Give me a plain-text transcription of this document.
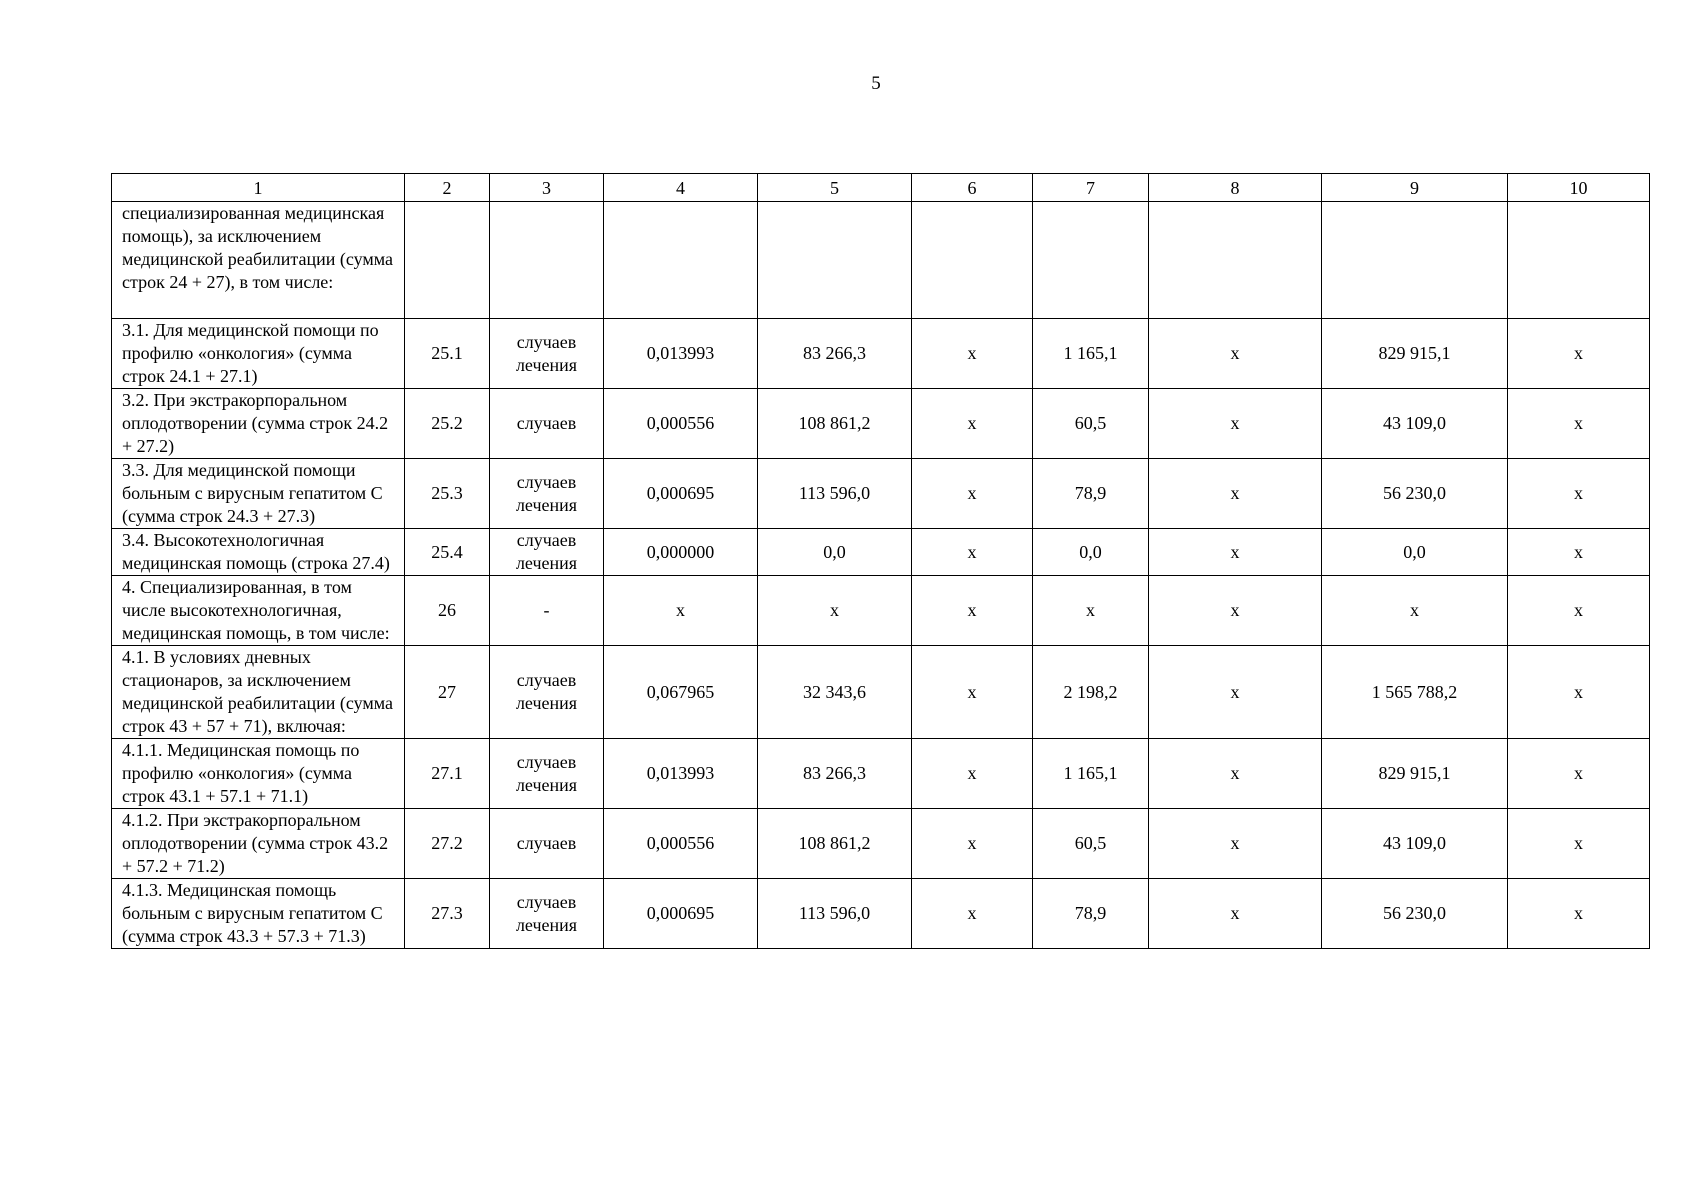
5
1	2	3	4	5	6	7	8	9	10
специализированная медицинская помощь), за исключением медицинской реабилитации (сумма строк 24 + 27), в том числе:									
3.1. Для медицинской помощи по профилю «онкология» (сумма строк 24.1 + 27.1)	25.1	случаев лечения	0,013993	83 266,3	х	1 165,1	х	829 915,1	х
3.2. При экстракорпоральном оплодотворении (сумма строк 24.2 + 27.2)	25.2	случаев	0,000556	108 861,2	х	60,5	х	43 109,0	х
3.3. Для медицинской помощи больным с вирусным гепатитом С (сумма строк 24.3 + 27.3)	25.3	случаев лечения	0,000695	113 596,0	х	78,9	х	56 230,0	х
3.4. Высокотехнологичная медицинская помощь (строка 27.4)	25.4	случаев лечения	0,000000	0,0	х	0,0	х	0,0	х
4. Специализированная, в том числе высокотехнологичная, медицинская помощь, в том числе:	26	-	х	х	х	х	х	х	х
4.1. В условиях дневных стационаров, за исключением медицинской реабилитации (сумма строк 43 + 57 + 71), включая:	27	случаев лечения	0,067965	32 343,6	х	2 198,2	х	1 565 788,2	х
4.1.1. Медицинская помощь по профилю «онкология» (сумма строк 43.1 + 57.1 + 71.1)	27.1	случаев лечения	0,013993	83 266,3	х	1 165,1	х	829 915,1	х
4.1.2. При экстракорпоральном оплодотворении (сумма строк 43.2 + 57.2 + 71.2)	27.2	случаев	0,000556	108 861,2	х	60,5	х	43 109,0	х
4.1.3. Медицинская помощь больным с вирусным гепатитом С (сумма строк 43.3 + 57.3 + 71.3)	27.3	случаев лечения	0,000695	113 596,0	х	78,9	х	56 230,0	х
